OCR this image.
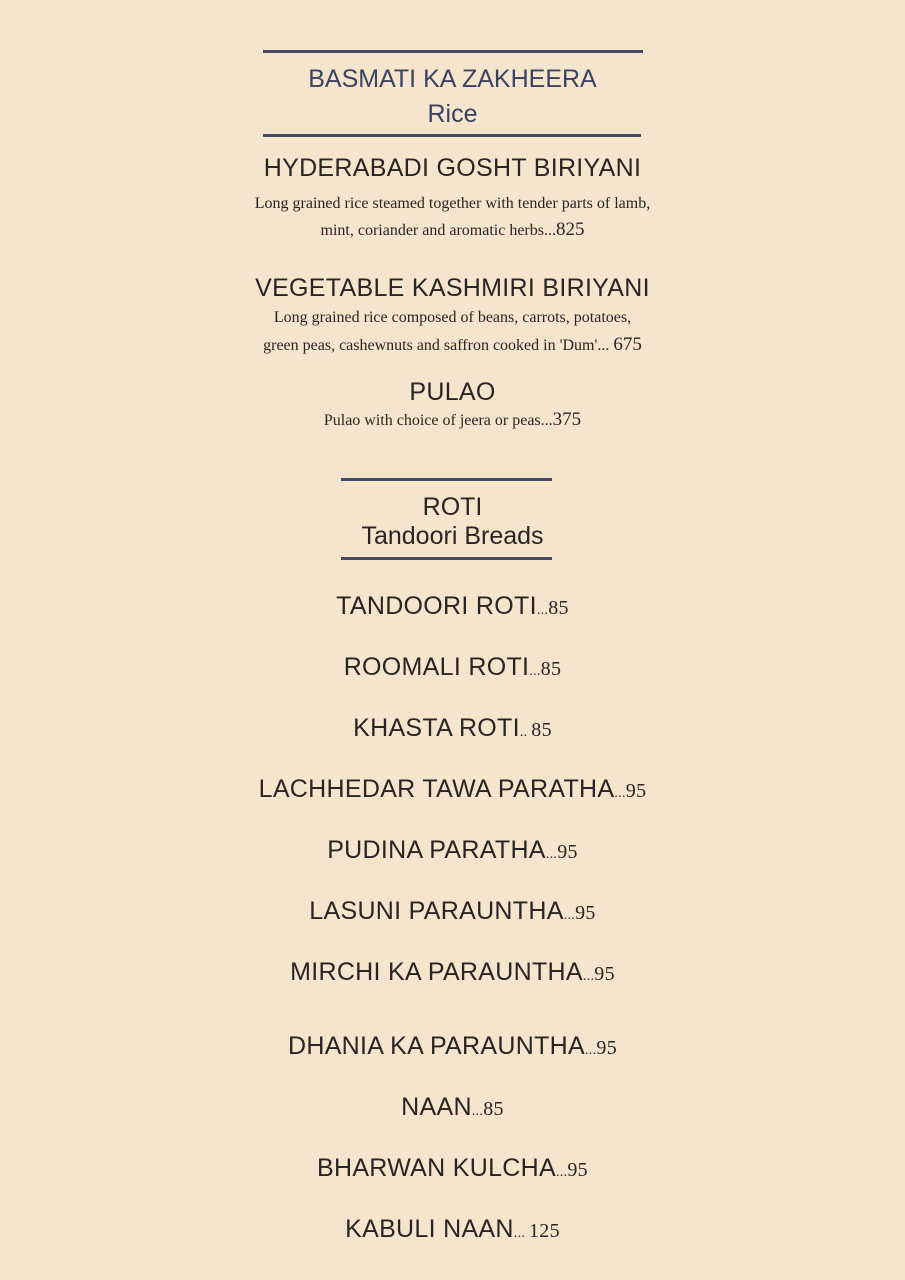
BASMATI KA ZAKHEERA
Rice
HYDERABADI GOSHT BIRIYANI
Long grained rice steamed together with tender parts of lamb,
mint, coriander and aromatic herbs...825
VEGETABLE KASHMIRI BIRIYANI
Long grained rice composed of beans, carrots, potatoes,
green peas, cashewnuts and saffron cooked in 'Dum'... 675
PULAO
Pulao with choice of jeera or peas...375
ROTI
Tandoori Breads
TANDOORI ROTI...85
ROOMALI ROTI...85
KHASTA ROTI.. 85
LACHHEDAR TAWA PARATHA...95
PUDINA PARATHA...95
LASUNI PARAUNTHA...95
MIRCHI KA PARAUNTHA...95
DHANIA KA PARAUNTHA...95
NAAN...85
BHARWAN KULCHA...95
KABULI NAAN... 125
